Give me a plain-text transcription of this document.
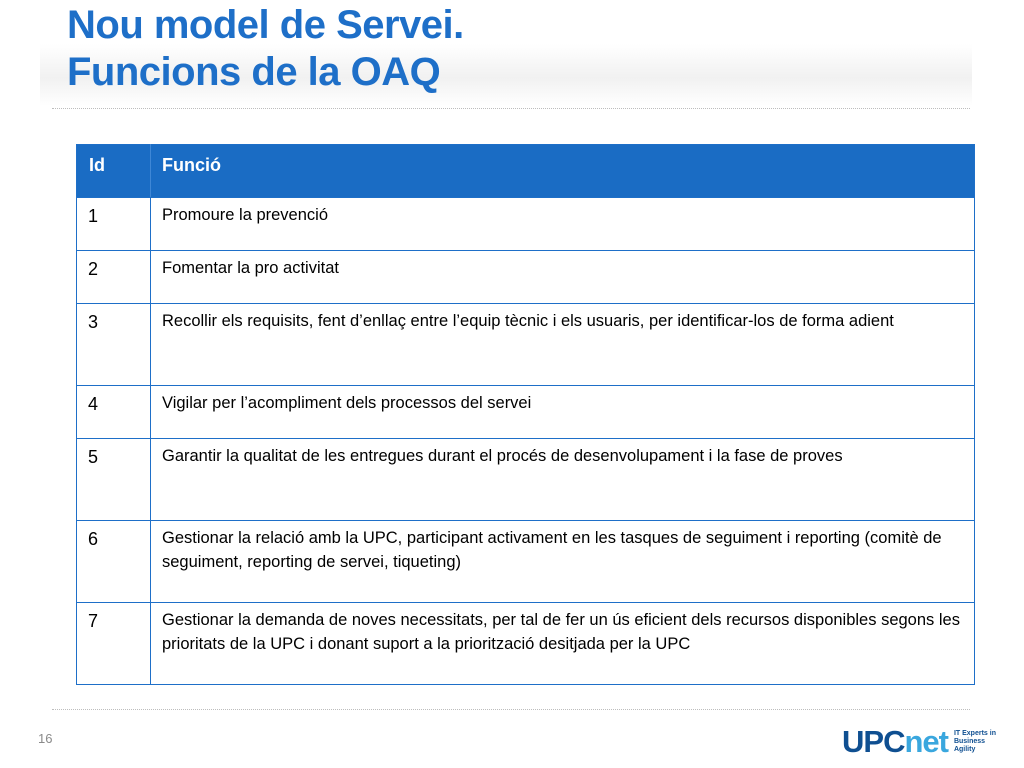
Nou model de Servei.
Funcions de la OAQ
Id	Funció
1	Promoure la prevenció
2	Fomentar la pro activitat
3	Recollir els requisits, fent d’enllaç entre l’equip tècnic i els usuaris, per identificar-los de forma adient
4	Vigilar per l’acompliment dels processos del servei
5	Garantir la qualitat de les entregues durant el procés de desenvolupament i la fase de proves
6	Gestionar la relació amb la UPC, participant activament en les tasques de seguiment i reporting (comitè de seguiment, reporting de servei, tiqueting)
7	Gestionar la demanda de noves necessitats, per tal de fer un ús eficient dels recursos disponibles segons les prioritats de la UPC i donant suport a la priorització desitjada per la UPC
16	UPCnet IT Experts in
Business Agility
